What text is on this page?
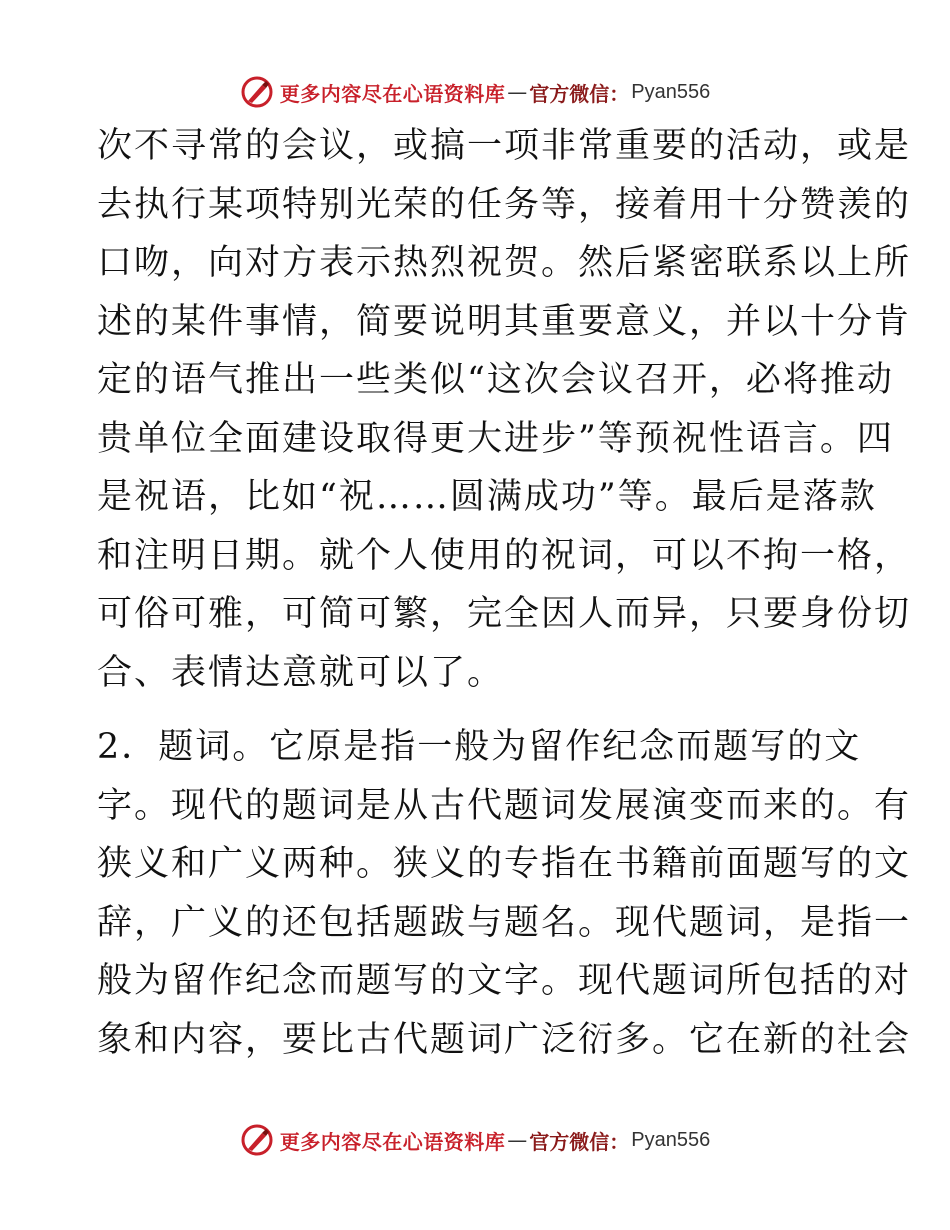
更多内容尽在心语资料库 — 官方微信： Pyan556
次不寻常的会议，或搞一项非常重要的活动，或是
去执行某项特别光荣的任务等，接着用十分赞羡的
口吻，向对方表示热烈祝贺。然后紧密联系以上所
述的某件事情，简要说明其重要意义，并以十分肯
定的语气推出一些类似“这次会议召开，必将推动
贵单位全面建设取得更大进步”等预祝性语言。四
是祝语，比如“祝……圆满成功”等。最后是落款
和注明日期。就个人使用的祝词，可以不拘一格，
可俗可雅，可简可繁，完全因人而异，只要身份切
合、表情达意就可以了。
2．题词。它原是指一般为留作纪念而题写的文
字。现代的题词是从古代题词发展演变而来的。有
狭义和广义两种。狭义的专指在书籍前面题写的文
辞，广义的还包括题跋与题名。现代题词，是指一
般为留作纪念而题写的文字。现代题词所包括的对
象和内容，要比古代题词广泛衍多。它在新的社会
更多内容尽在心语资料库 — 官方微信： Pyan556
